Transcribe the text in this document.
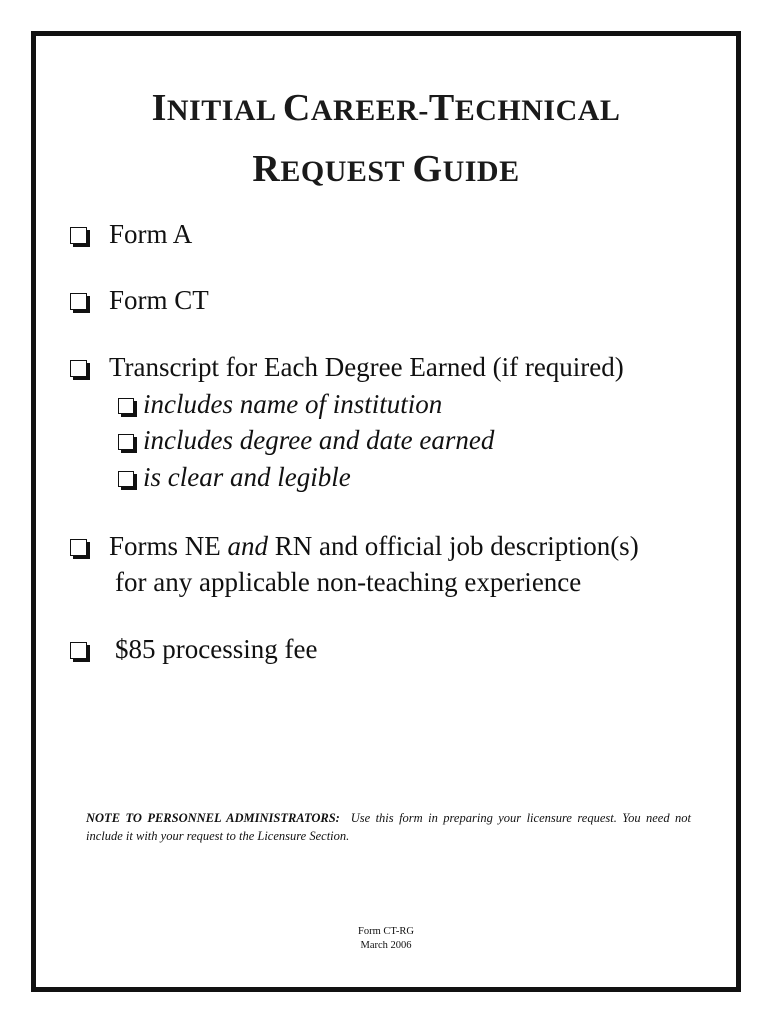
INITIAL CAREER-TECHNICAL
REQUEST GUIDE
Form A
Form CT
Transcript for Each Degree Earned (if required)
includes name of institution
includes degree and date earned
is clear and legible
Forms NE and RN and official job description(s)
for any applicable non-teaching experience
$85 processing fee
NOTE TO PERSONNEL ADMINISTRATORS: Use this form in preparing your licensure request. You need not include it with your request to the Licensure Section.
Form CT-RG
March 2006
